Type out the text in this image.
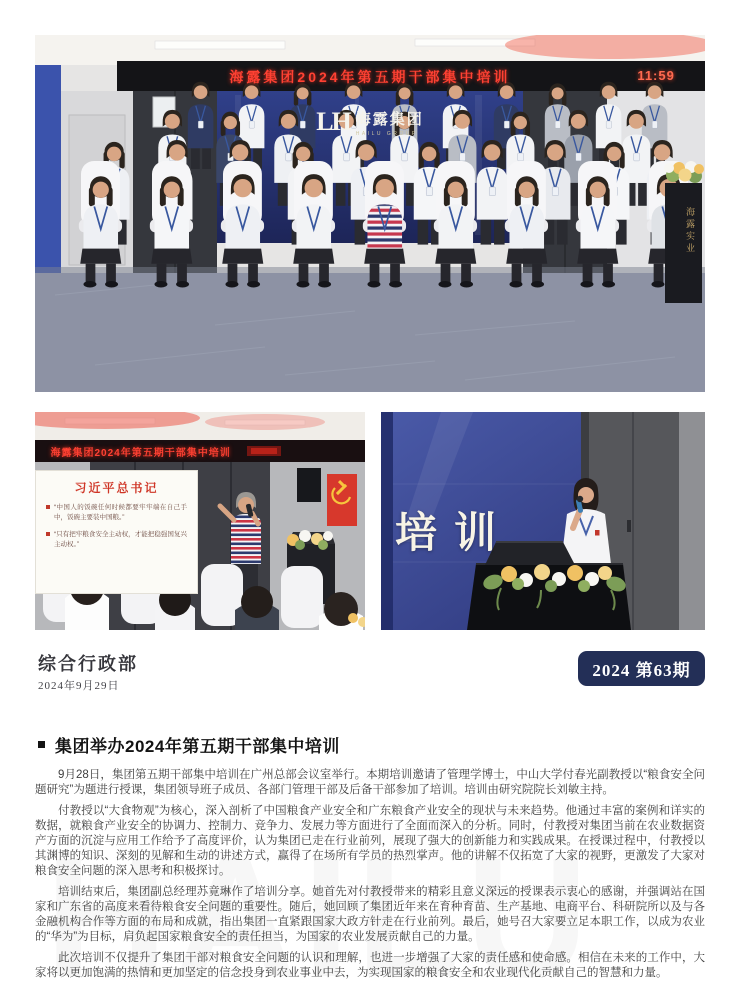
LH 海露集团
HAILU GROUP
海露集团2024年第五期干部集中培训	11:59
海露实业
海露集团2024年第五期干部集中培训
习近平总书记
“中国人的饭碗任何时候都要牢牢端在自己手中，饭碗主要装中国粮。”
“只有把牢粮食安全主动权，才能把稳强国复兴主动权。”	培训
综合行政部
2024年9月29日
2024 第63期
集团举办2024年第五期干部集中培训

9月28日，集团第五期干部集中培训在广州总部会议室举行。本期培训邀请了管理学博士，中山大学付春光副教授以“粮食安全问题研究”为题进行授课，集团领导班子成员、各部门管理干部及后备干部参加了培训。培训由研究院院长刘敏主持。

付教授以“大食物观”为核心，深入剖析了中国粮食产业安全和广东粮食产业安全的现状与未来趋势。他通过丰富的案例和详实的数据，就粮食产业安全的协调力、控制力、竞争力、发展力等方面进行了全面而深入的分析。同时，付教授对集团当前在农业数据资产方面的沉淀与应用工作给予了高度评价，认为集团已走在行业前列，展现了强大的创新能力和实践成果。在授课过程中，付教授以其渊博的知识、深刻的见解和生动的讲述方式，赢得了在场所有学员的热烈掌声。他的讲解不仅拓宽了大家的视野，更激发了大家对粮食安全问题的深入思考和积极探讨。

培训结束后，集团副总经理苏竟琳作了培训分享。她首先对付教授带来的精彩且意义深远的授课表示衷心的感谢，并强调站在国家和广东省的高度来看待粮食安全问题的重要性。随后，她回顾了集团近年来在育种育苗、生产基地、电商平台、科研院所以及与各金融机构合作等方面的布局和成就，指出集团一直紧跟国家大政方针走在行业前列。最后，她号召大家要立足本职工作，以成为农业的“华为”为目标，肩负起国家粮食安全的责任担当，为国家的农业发展贡献自己的力量。

此次培训不仅提升了集团干部对粮食安全问题的认识和理解，也进一步增强了大家的责任感和使命感。相信在未来的工作中，大家将以更加饱满的热情和更加坚定的信念投身到农业事业中去，为实现国家的粮食安全和农业现代化贡献自己的智慧和力量。
